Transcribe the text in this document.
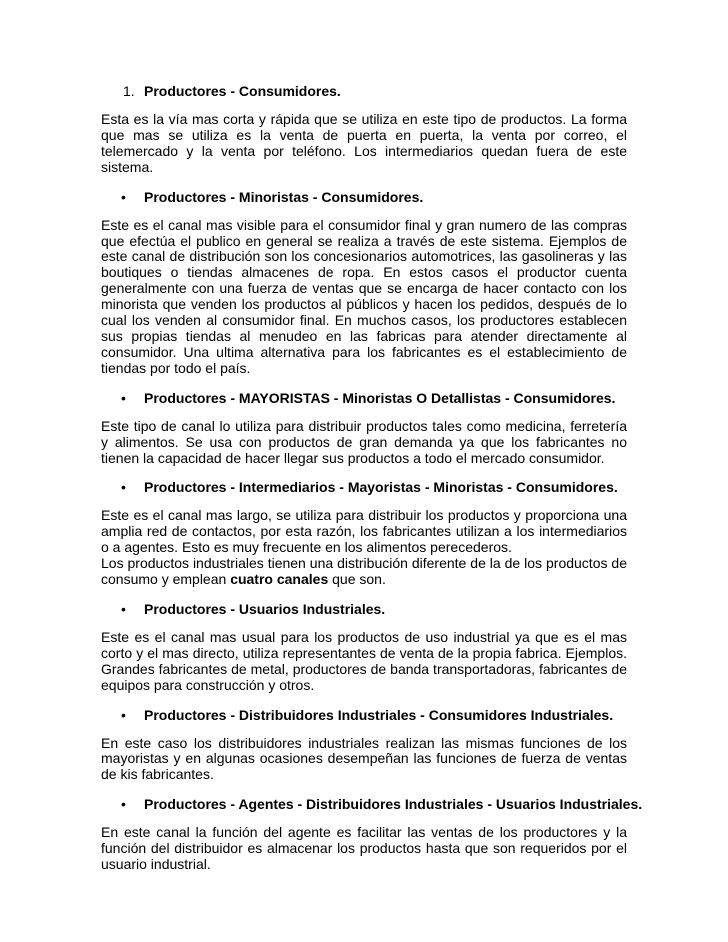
1. Productores - Consumidores.

Esta es la vía mas corta y rápida que se utiliza en este tipo de productos. La forma que mas se utiliza es la venta de puerta en puerta, la venta por correo, el telemercado y la venta por teléfono. Los intermediarios quedan fuera de este sistema.

• Productores - Minoristas - Consumidores.

Este es el canal mas visible para el consumidor final y gran numero de las compras que efectúa el publico en general se realiza a través de este sistema. Ejemplos de este canal de distribución son los concesionarios automotrices, las gasolineras y las boutiques o tiendas almacenes de ropa. En estos casos el productor cuenta generalmente con una fuerza de ventas que se encarga de hacer contacto con los minorista que venden los productos al públicos y hacen los pedidos, después de lo cual los venden al consumidor final. En muchos casos, los productores establecen sus propias tiendas al menudeo en las fabricas para atender directamente al consumidor. Una ultima alternativa para los fabricantes es el establecimiento de tiendas por todo el país.

• Productores - MAYORISTAS - Minoristas O Detallistas - Consumidores.

Este tipo de canal lo utiliza para distribuir productos tales como medicina, ferretería y alimentos. Se usa con productos de gran demanda ya que los fabricantes no tienen la capacidad de hacer llegar sus productos a todo el mercado consumidor.

• Productores - Intermediarios - Mayoristas - Minoristas - Consumidores.

Este es el canal mas largo, se utiliza para distribuir los productos y proporciona una amplia red de contactos, por esta razón, los fabricantes utilizan a los intermediarios o a agentes. Esto es muy frecuente en los alimentos perecederos.

Los productos industriales tienen una distribución diferente de la de los productos de consumo y emplean cuatro canales que son.

• Productores - Usuarios Industriales.

Este es el canal mas usual para los productos de uso industrial ya que es el mas corto y el mas directo, utiliza representantes de venta de la propia fabrica. Ejemplos. Grandes fabricantes de metal, productores de banda transportadoras, fabricantes de equipos para construcción y otros.

• Productores - Distribuidores Industriales - Consumidores Industriales.

En este caso los distribuidores industriales realizan las mismas funciones de los mayoristas y en algunas ocasiones desempeñan las funciones de fuerza de ventas de kis fabricantes.

• Productores - Agentes - Distribuidores Industriales - Usuarios Industriales.

En este canal la función del agente es facilitar las ventas de los productores y la función del distribuidor es almacenar los productos hasta que son requeridos por el usuario industrial.
